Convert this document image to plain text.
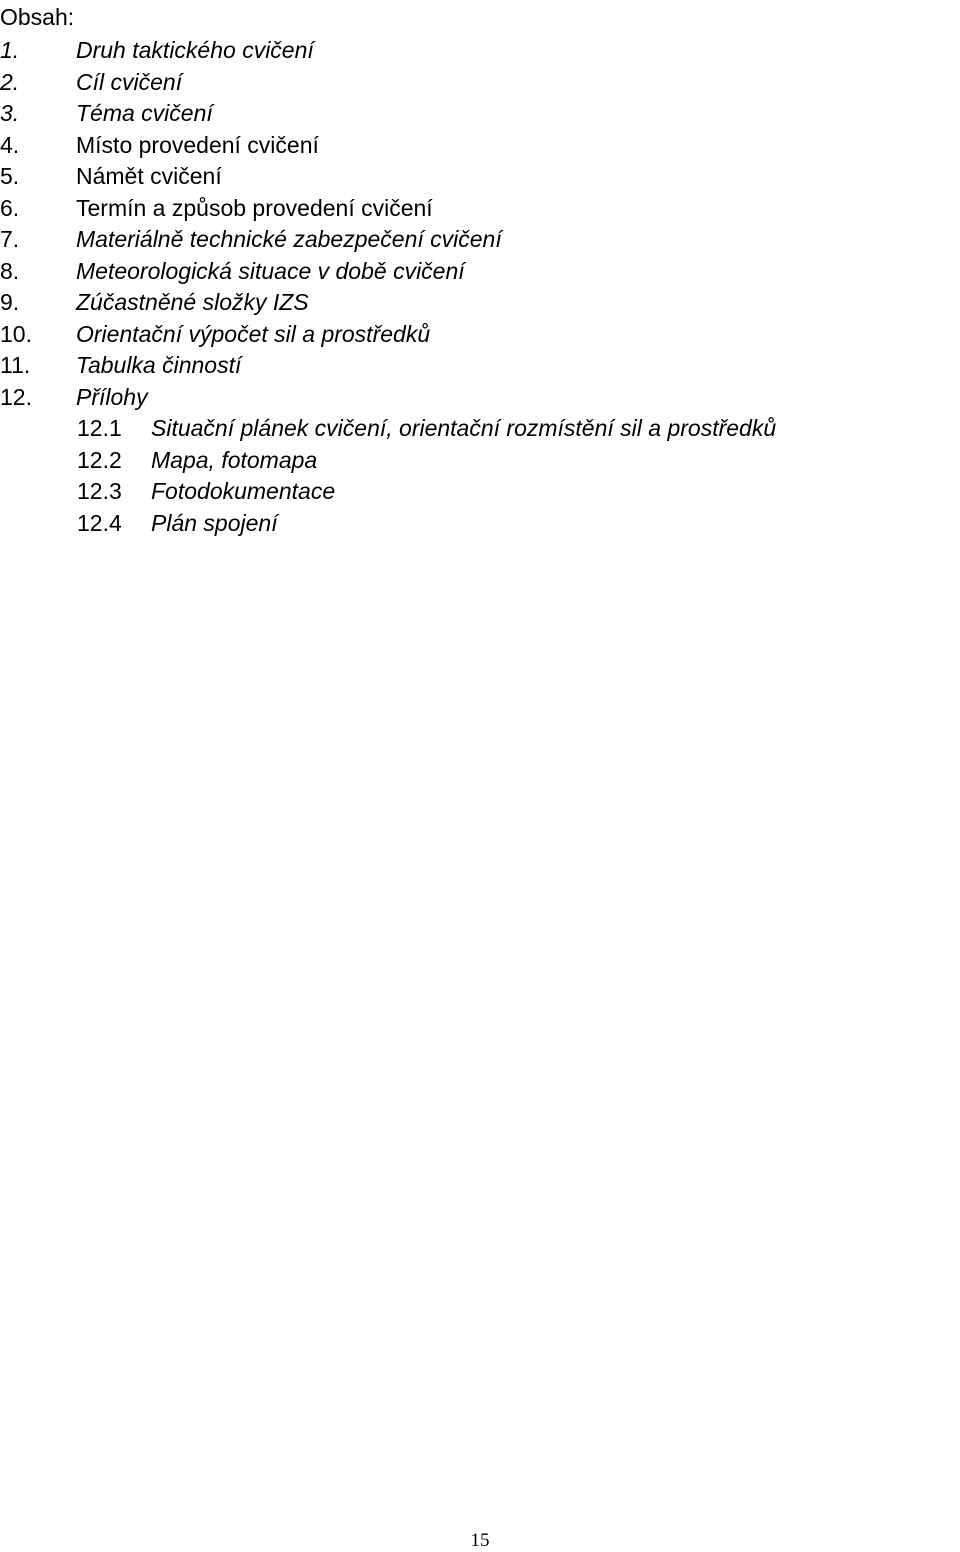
Obsah:
1. Druh taktického cvičení
2. Cíl cvičení
3. Téma cvičení
4. Místo provedení cvičení
5. Námět cvičení
6. Termín a způsob provedení cvičení
7. Materiálně technické zabezpečení cvičení
8. Meteorologická situace v době cvičení
9. Zúčastněné složky IZS
10. Orientační výpočet sil a prostředků
11. Tabulka činností
12. Přílohy
12.1 Situační plánek cvičení, orientační rozmístění sil a prostředků
12.2 Mapa, fotomapa
12.3 Fotodokumentace
12.4 Plán spojení
15
